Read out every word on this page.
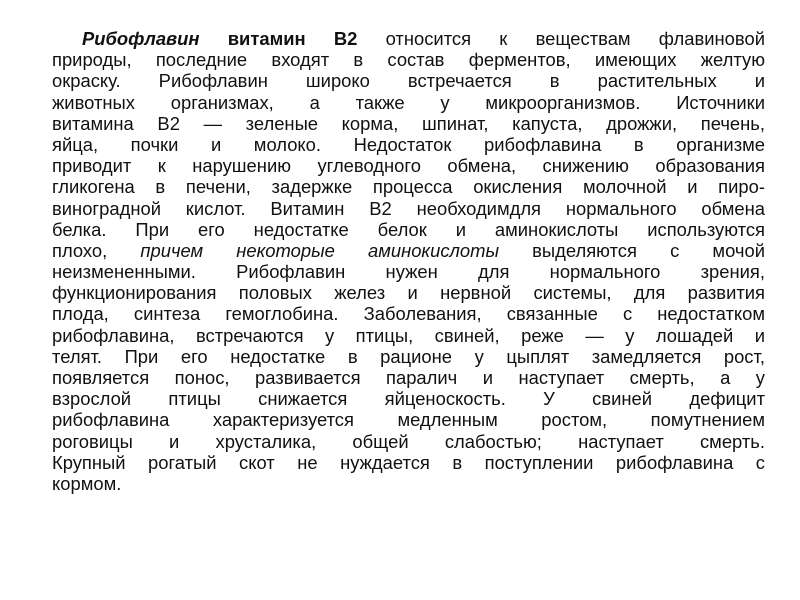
Рибофлавин витамин В2 относится к веществам флавиновой
природы, последние входят в состав ферментов, имеющих желтую
окраску. Рибофлавин широко встречается в растительных и
животных организмах, а также у микроорганизмов. Источники
витамина В2 — зеленые корма, шпинат, капуста, дрожжи, печень,
яйца, почки и молоко. Недостаток рибофлавина в организме
приводит к нарушению углеводного обмена, снижению образования
гликогена в печени, задержке процесса окисления молочной и пиро-
виноградной кислот. Витамин В2 необходимдля нормального обмена
белка. При его недостатке белок и аминокислоты используются
плохо, причем некоторые аминокислоты выделяются с мочой
неизмененными. Рибофлавин нужен для нормального зрения,
функционирования половых желез и нервной системы, для развития
плода, синтеза гемоглобина. Заболевания, связанные с недостатком
рибофлавина, встречаются у птицы, свиней, реже — у лошадей и
телят. При его недостатке в рационе у цыплят замедляется рост,
появляется понос, развивается паралич и наступает смерть, а у
взрослой птицы снижается яйценоскость. У свиней дефицит
рибофлавина характеризуется медленным ростом, помутнением
роговицы и хрусталика, общей слабостью; наступает смерть.
Крупный рогатый скот не нуждается в поступлении рибофлавина с
кормом.
